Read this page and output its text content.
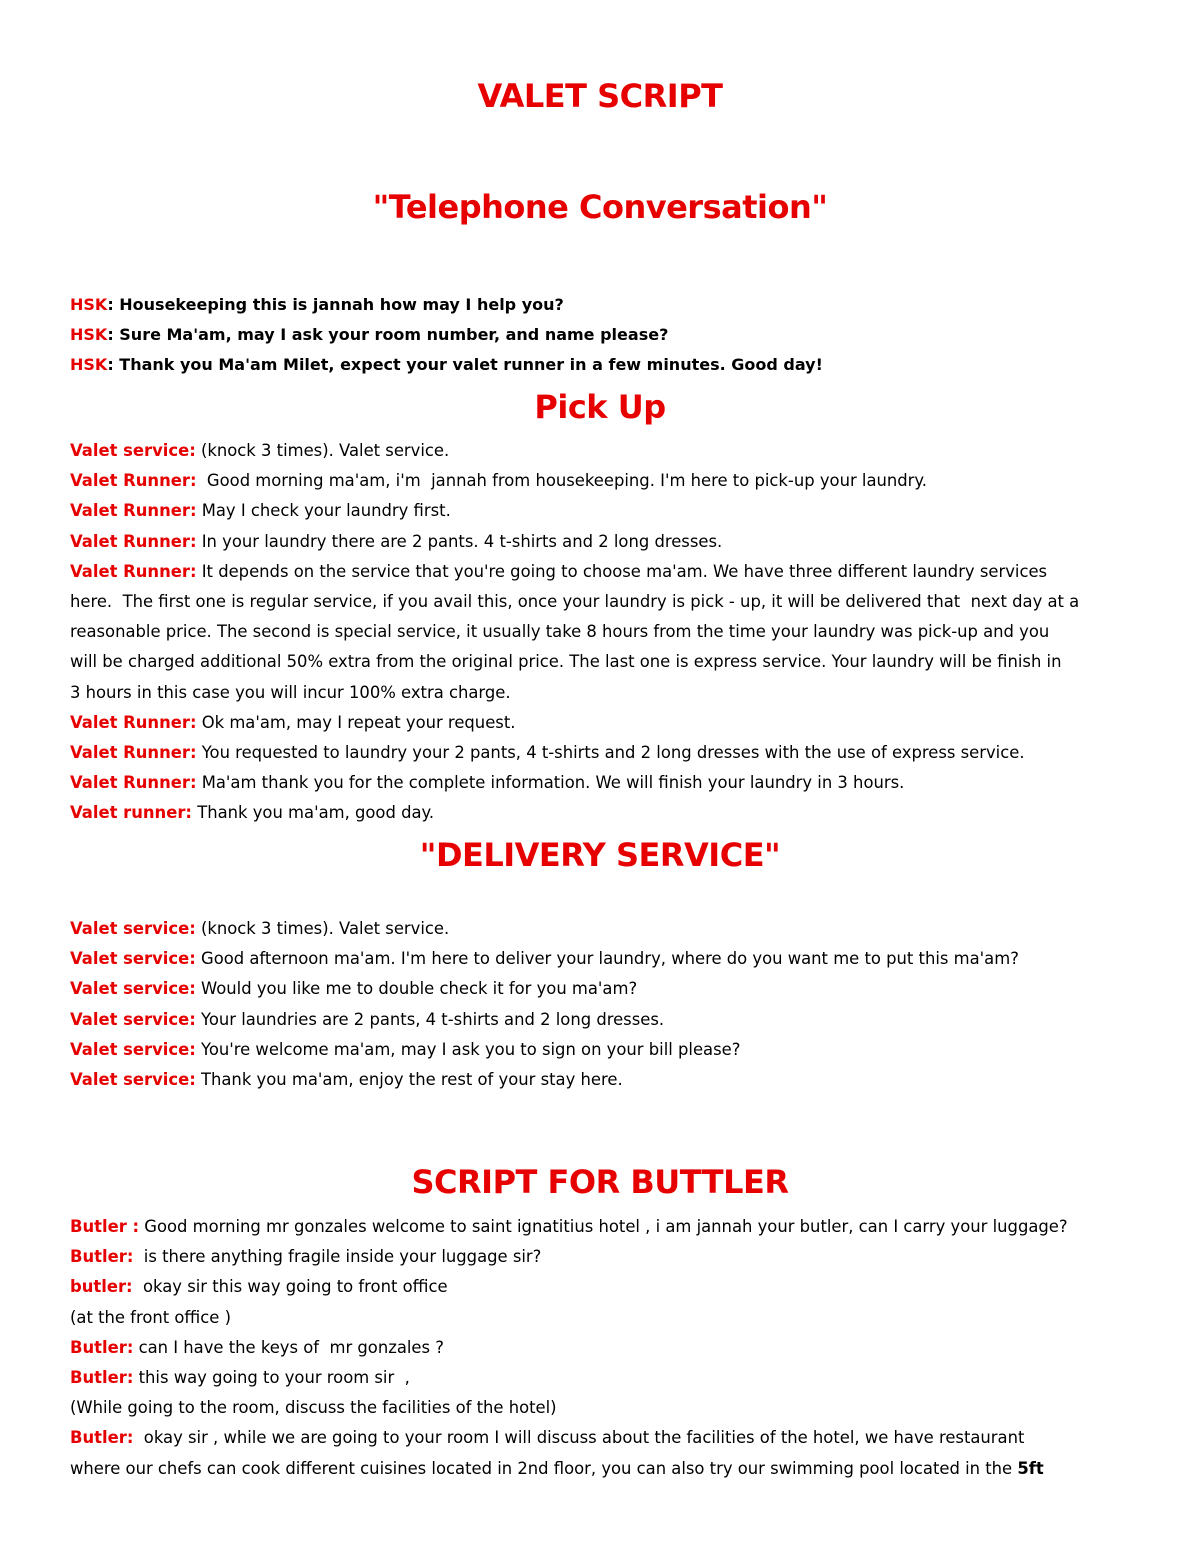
VALET SCRIPT
"Telephone Conversation"

HSK: Housekeeping this is jannah how may I help you?

HSK: Sure Ma'am, may I ask your room number, and name please?

HSK: Thank you Ma'am Milet, expect your valet runner in a few minutes. Good day!

Pick Up

Valet service: (knock 3 times). Valet service.

Valet Runner:  Good morning ma'am, i'm  jannah from housekeeping. I'm here to pick-up your laundry.

Valet Runner: May I check your laundry first.

Valet Runner: In your laundry there are 2 pants. 4 t-shirts and 2 long dresses.

Valet Runner: It depends on the service that you're going to choose ma'am. We have three different laundry services

here.  The first one is regular service, if you avail this, once your laundry is pick - up, it will be delivered that  next day at a

reasonable price. The second is special service, it usually take 8 hours from the time your laundry was pick-up and you

will be charged additional 50% extra from the original price. The last one is express service. Your laundry will be finish in

3 hours in this case you will incur 100% extra charge.

Valet Runner: Ok ma'am, may I repeat your request.

Valet Runner: You requested to laundry your 2 pants, 4 t-shirts and 2 long dresses with the use of express service.

Valet Runner: Ma'am thank you for the complete information. We will finish your laundry in 3 hours.

Valet runner: Thank you ma'am, good day.

"DELIVERY SERVICE"

Valet service: (knock 3 times). Valet service.

Valet service: Good afternoon ma'am. I'm here to deliver your laundry, where do you want me to put this ma'am?

Valet service: Would you like me to double check it for you ma'am?

Valet service: Your laundries are 2 pants, 4 t-shirts and 2 long dresses.

Valet service: You're welcome ma'am, may I ask you to sign on your bill please?

Valet service: Thank you ma'am, enjoy the rest of your stay here.

SCRIPT FOR BUTTLER

Butler : Good morning mr gonzales welcome to saint ignatitius hotel , i am jannah your butler, can I carry your luggage?

Butler:  is there anything fragile inside your luggage sir?

butler:  okay sir this way going to front office

(at the front office )

Butler: can I have the keys of  mr gonzales ?

Butler: this way going to your room sir  ,

(While going to the room, discuss the facilities of the hotel)

Butler:  okay sir , while we are going to your room I will discuss about the facilities of the hotel, we have restaurant

where our chefs can cook different cuisines located in 2nd floor, you can also try our swimming pool located in the 5ft
